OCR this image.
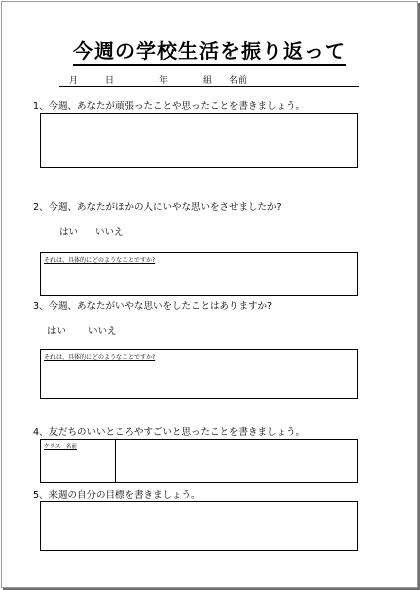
今週の学校生活を振り返って
月	日	年	組 名前
1、今週、あなたが頑張ったことや思ったことを書きましょう。
2、今週、あなたがほかの人にいやな思いをさせましたか?
はい いいえ
それは、具体的にどのようなことですか?
3、今週、あなたがいやな思いをしたことはありますか?
はい いいえ
それは、具体的にどのようなことですか?
4、友だちのいいところやすごいと思ったことを書きましょう。
クラス　名前
5、来週の自分の目標を書きましょう。
